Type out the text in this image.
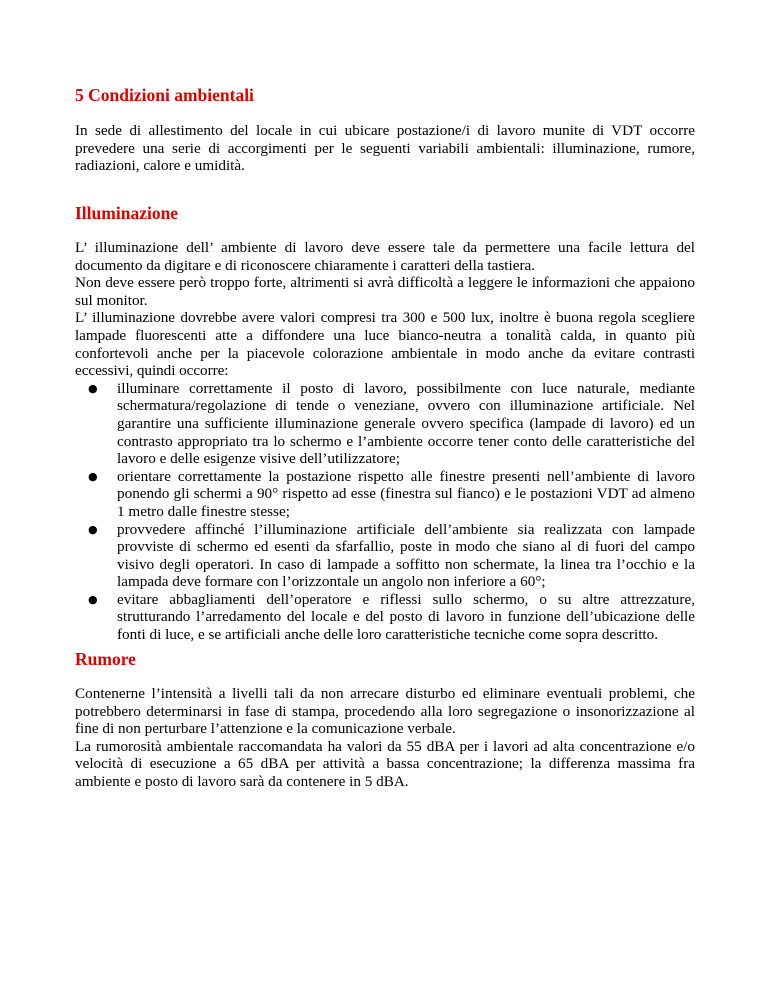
5 Condizioni ambientali

In sede di allestimento del locale in cui ubicare postazione/i di lavoro munite di VDT occorre prevedere una serie di accorgimenti per le seguenti variabili ambientali: illuminazione, rumore, radiazioni, calore e umidità.

Illuminazione

L’ illuminazione dell’ ambiente di lavoro deve essere tale da permettere una facile lettura del documento da digitare e di riconoscere chiaramente i caratteri della tastiera.

Non deve essere però troppo forte, altrimenti si avrà difficoltà a leggere le informazioni che appaiono sul monitor.

L’ illuminazione dovrebbe avere valori compresi tra 300 e 500 lux, inoltre è buona regola scegliere lampade fluorescenti atte a diffondere una luce bianco-neutra a tonalità calda, in quanto più confortevoli anche per la piacevole colorazione ambientale in modo anche da evitare contrasti eccessivi, quindi occorre:

●	illuminare correttamente il posto di lavoro, possibilmente con luce naturale, mediante schermatura/regolazione di tende o veneziane, ovvero con illuminazione artificiale. Nel garantire una sufficiente illuminazione generale ovvero specifica (lampade di lavoro) ed un contrasto appropriato tra lo schermo e l’ambiente occorre tener conto delle caratteristiche del lavoro e delle esigenze visive dell’utilizzatore;
●	orientare correttamente la postazione rispetto alle finestre presenti nell’ambiente di lavoro ponendo gli schermi a 90° rispetto ad esse (finestra sul fianco) e le postazioni VDT ad almeno 1 metro dalle finestre stesse;
●	provvedere affinché l’illuminazione artificiale dell’ambiente sia realizzata con lampade provviste di schermo ed esenti da sfarfallio, poste in modo che siano al di fuori del campo visivo degli operatori. In caso di lampade a soffitto non schermate, la linea tra l’occhio e la lampada deve formare con l’orizzontale un angolo non inferiore a 60°;
●	evitare abbagliamenti dell’operatore e riflessi sullo schermo, o su altre attrezzature, strutturando l’arredamento del locale e del posto di lavoro in funzione dell’ubicazione delle fonti di luce, e se artificiali anche delle loro caratteristiche tecniche come sopra descritto.
Rumore

Contenerne l’intensità a livelli tali da non arrecare disturbo ed eliminare eventuali problemi, che potrebbero determinarsi in fase di stampa, procedendo alla loro segregazione o insonorizzazione al fine di non perturbare l’attenzione e la comunicazione verbale.

La rumorosità ambientale raccomandata ha valori da 55 dBA per i lavori ad alta concentrazione e/o velocità di esecuzione a 65 dBA per attività a bassa concentrazione; la differenza massima fra ambiente e posto di lavoro sarà da contenere in 5 dBA.
